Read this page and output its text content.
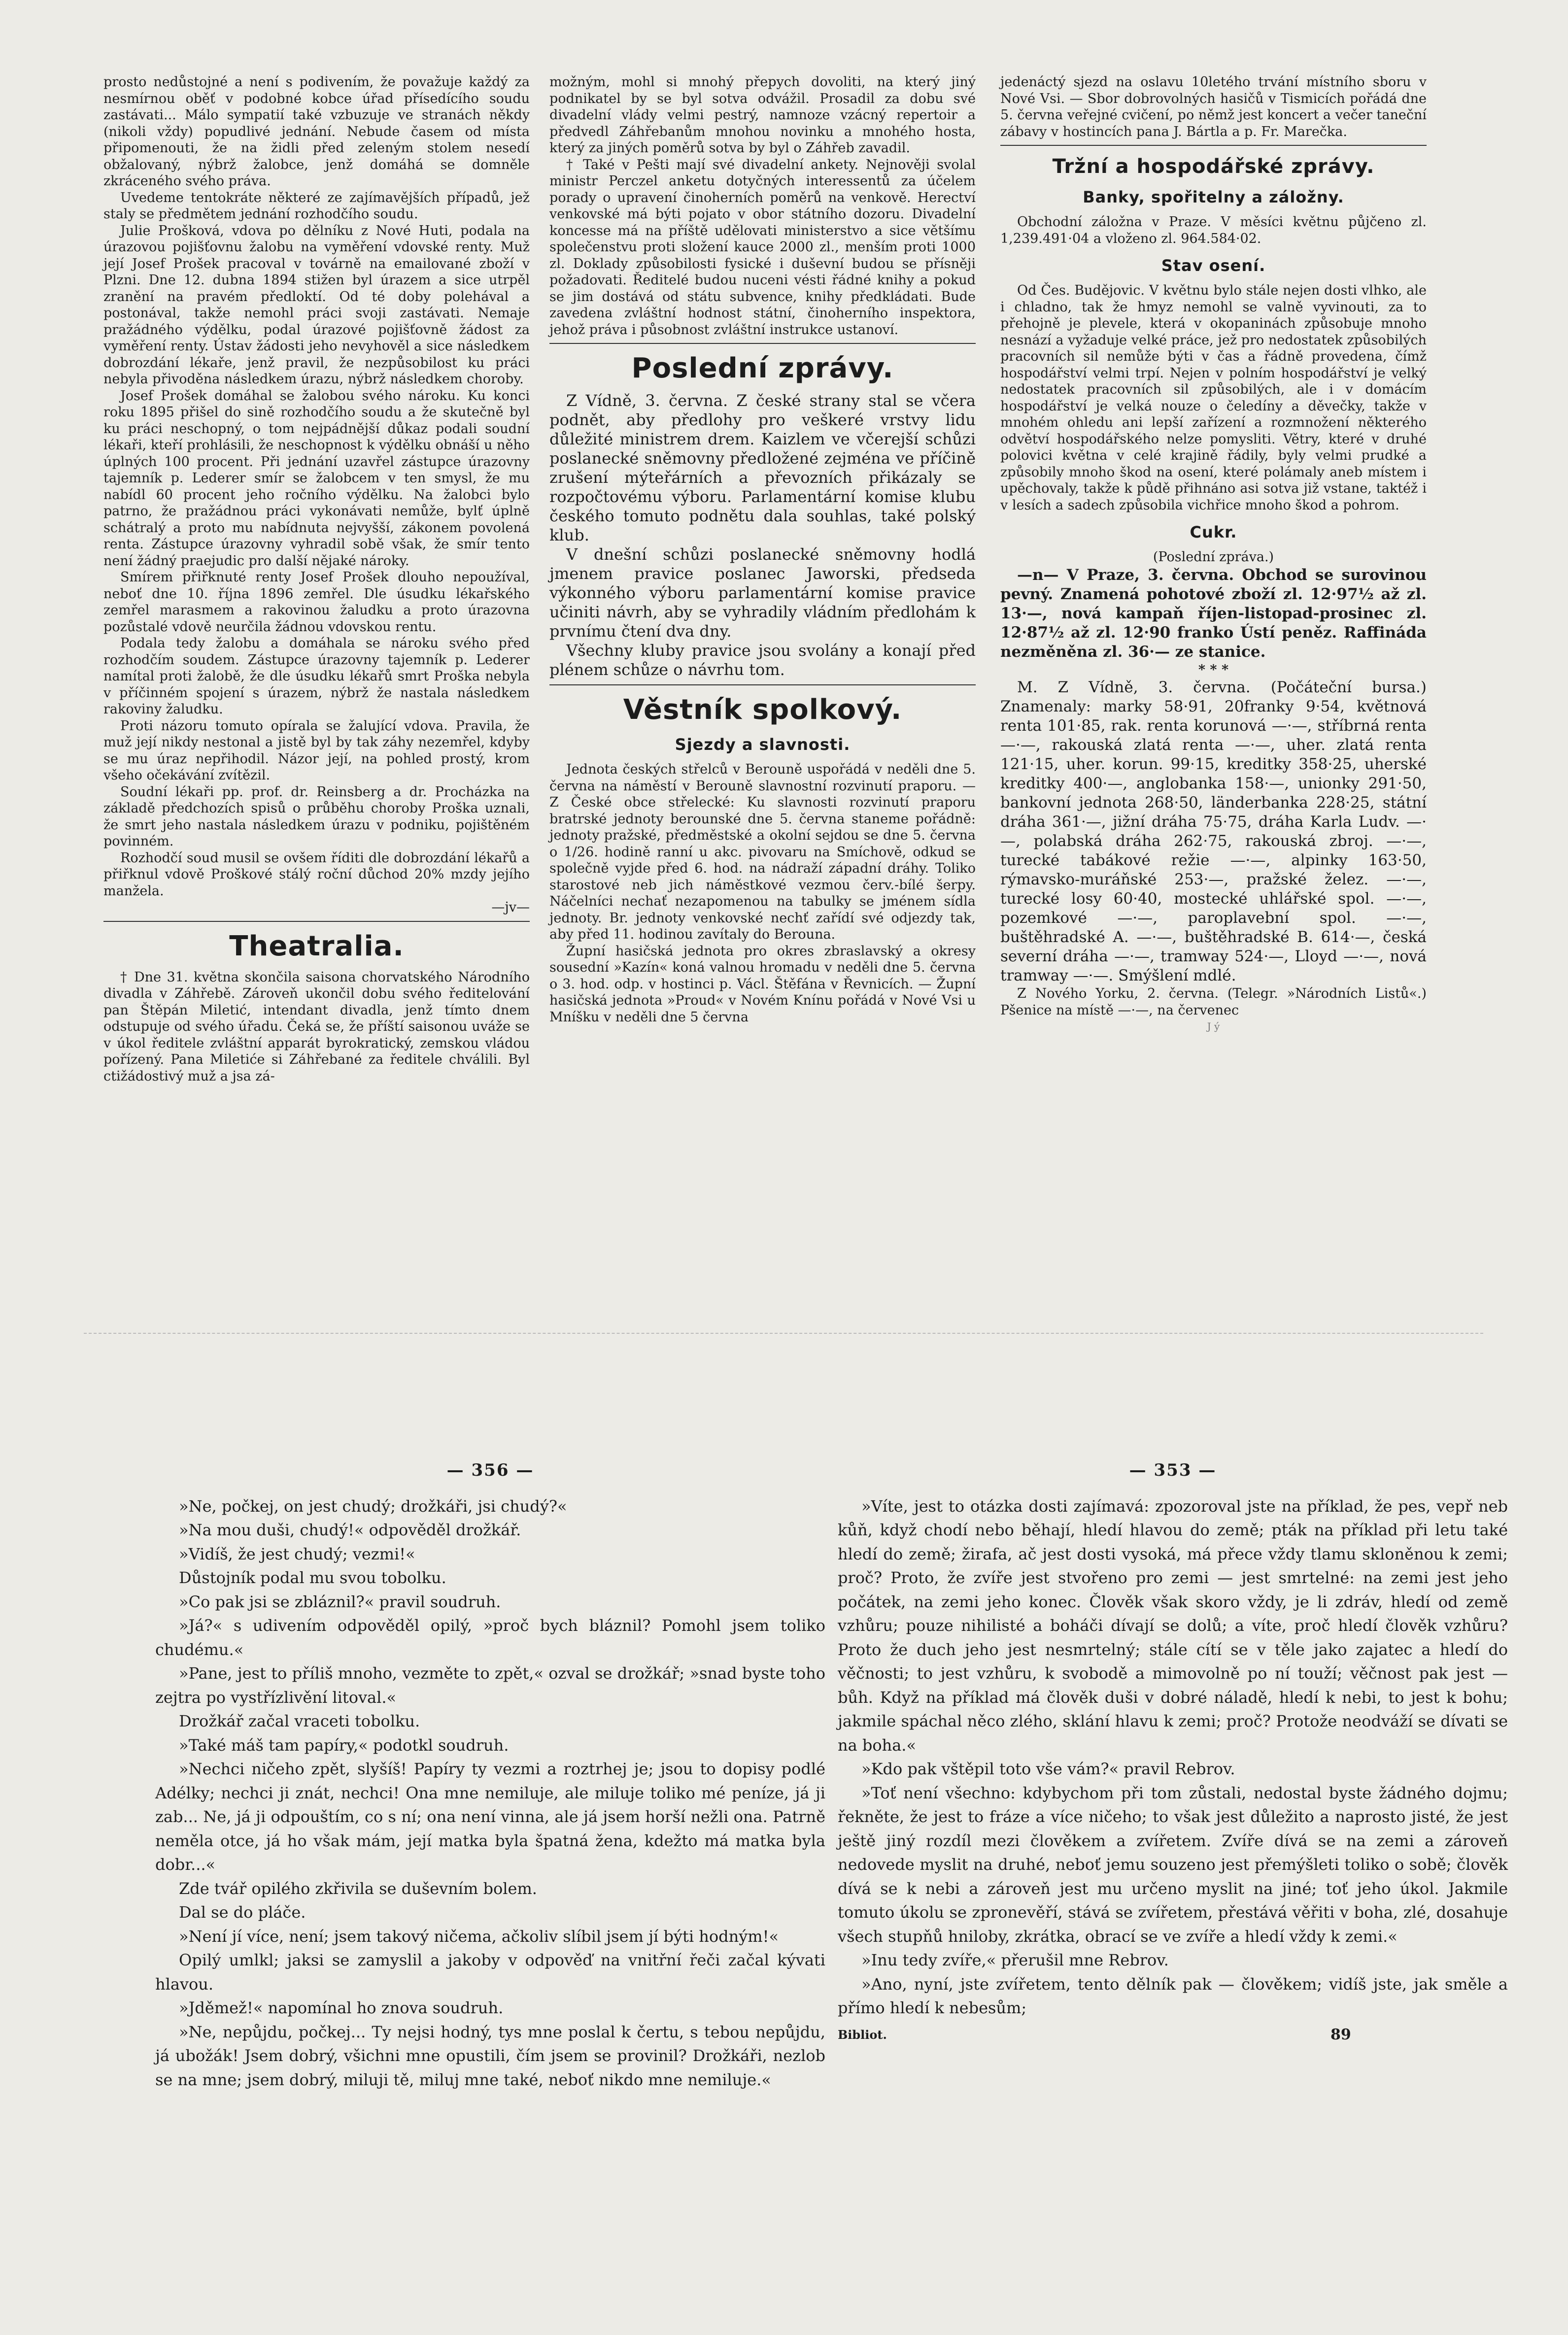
prosto nedůstojné a není s podivením, že považuje každý za nesmírnou oběť v podobné kobce úřad přísedícího soudu zastávati... Málo sympatií také vzbuzuje ve stranách někdy (nikoli vždy) popudlivé jednání. Nebude časem od místa připomenouti, že na židli před zeleným stolem nesedí obžalovaný, nýbrž žalobce, jenž domáhá se domněle zkráceného svého práva.

Uvedeme tentokráte některé ze zajímavějších případů, jež staly se předmětem jednání rozhodčího soudu.

Julie Prošková, vdova po dělníku z Nové Huti, podala na úrazovou pojišťovnu žalobu na vyměření vdovské renty. Muž její Josef Prošek pracoval v továrně na emailované zboží v Plzni. Dne 12. dubna 1894 stižen byl úrazem a sice utrpěl zranění na pravém předloktí. Od té doby polehával a postonával, takže nemohl práci svoji zastávati. Nemaje pražádného výdělku, podal úrazové pojišťovně žádost za vyměření renty. Ústav žádosti jeho nevyhověl a sice následkem dobrozdání lékaře, jenž pravil, že nezpůsobilost ku práci nebyla přivoděna následkem úrazu, nýbrž následkem choroby.

Josef Prošek domáhal se žalobou svého nároku. Ku konci roku 1895 přišel do sině rozhodčího soudu a že skutečně byl ku práci neschopný, o tom nejpádnější důkaz podali soudní lékaři, kteří prohlásili, že neschopnost k výdělku obnáší u něho úplných 100 procent. Při jednání uzavřel zástupce úrazovny tajemník p. Lederer smír se žalobcem v ten smysl, že mu nabídl 60 procent jeho ročního výdělku. Na žalobci bylo patrno, že pražádnou práci vykonávati nemůže, bylť úplně schátralý a proto mu nabídnuta nejvyšší, zákonem povolená renta. Zástupce úrazovny vyhradil sobě však, že smír tento není žádný praejudic pro další nějaké nároky.

Smírem přiřknuté renty Josef Prošek dlouho nepoužíval, neboť dne 10. října 1896 zemřel. Dle úsudku lékařského zemřel marasmem a rakovinou žaludku a proto úrazovna pozůstalé vdově neurčila žádnou vdovskou rentu.

Podala tedy žalobu a domáhala se nároku svého před rozhodčím soudem. Zástupce úrazovny tajemník p. Lederer namítal proti žalobě, že dle úsudku lékařů smrt Proška nebyla v příčinném spojení s úrazem, nýbrž že nastala následkem rakoviny žaludku.

Proti názoru tomuto opírala se žalující vdova. Pravila, že muž její nikdy nestonal a jistě byl by tak záhy nezemřel, kdyby se mu úraz nepřihodil. Názor její, na pohled prostý, krom všeho očekávání zvítězil.

Soudní lékaři pp. prof. dr. Reinsberg a dr. Procházka na základě předchozích spisů o průběhu choroby Proška uznali, že smrt jeho nastala následkem úrazu v podniku, pojištěném povinném.

Rozhodčí soud musil se ovšem říditi dle dobrozdání lékařů a přiřknul vdově Proškové stálý roční důchod 20% mzdy jejího manžela.

—jv—

Theatralia.

† Dne 31. května skončila saisona chorvatského Národního divadla v Záhřebě. Zároveň ukončil dobu svého ředitelování pan Štěpán Miletić, intendant divadla, jenž tímto dnem odstupuje od svého úřadu. Čeká se, že příští saisonou uváže se v úkol ředitele zvláštní apparát byrokratický, zemskou vládou pořízený. Pana Miletiće si Záhřebané za ředitele chválili. Byl ctižádostivý muž a jsa zá-

možným, mohl si mnohý přepych dovoliti, na který jiný podnikatel by se byl sotva odvážil. Prosadil za dobu své divadelní vlády velmi pestrý, namnoze vzácný repertoir a předvedl Záhřebanům mnohou novinku a mnohého hosta, který za jiných poměrů sotva by byl o Záhřeb zavadil.

† Také v Pešti mají své divadelní ankety. Nejnověji svolal ministr Perczel anketu dotyčných interessentů za účelem porady o upravení činoherních poměrů na venkově. Herectví venkovské má býti pojato v obor státního dozoru. Divadelní koncesse má na příště udělovati ministerstvo a sice většímu společenstvu proti složení kauce 2000 zl., menším proti 1000 zl. Doklady způsobilosti fysické i duševní budou se přísněji požadovati. Ředitelé budou nuceni vésti řádné knihy a pokud se jim dostává od státu subvence, knihy předkládati. Bude zavedena zvláštní hodnost státní, činoherního inspektora, jehož práva i působnost zvláštní instrukce ustanoví.

Poslední zprávy.

Z Vídně, 3. června. Z české strany stal se včera podnět, aby předlohy pro veškeré vrstvy lidu důležité ministrem drem. Kaizlem ve včerejší schůzi poslanecké sněmovny předložené zejména ve příčině zrušení mýteřárních a převozních přikázaly se rozpočtovému výboru. Parlamentární komise klubu českého tomuto podnětu dala souhlas, také polský klub.

V dnešní schůzi poslanecké sněmovny hodlá jmenem pravice poslanec Jaworski, předseda výkonného výboru parlamentární komise pravice učiniti návrh, aby se vyhradily vládním předlohám k prvnímu čtení dva dny.

Všechny kluby pravice jsou svolány a konají před plénem schůze o návrhu tom.

Věstník spolkový.
Sjezdy a slavnosti.

Jednota českých střelců v Berouně uspořádá v neděli dne 5. června na náměstí v Berouně slavnostní rozvinutí praporu. — Z České obce střelecké: Ku slavnosti rozvinutí praporu bratrské jednoty berounské dne 5. června staneme pořádně: jednoty pražské, předměstské a okolní sejdou se dne 5. června o 1/26. hodině ranní u akc. pivovaru na Smíchově, odkud se společně vyjde před 6. hod. na nádraží západní dráhy. Toliko starostové neb jich náměstkové vezmou červ.-bílé šerpy. Náčelníci nechať nezapomenou na tabulky se jménem sídla jednoty. Br. jednoty venkovské nechť zařídí své odjezdy tak, aby před 11. hodinou zavítaly do Berouna.

Župní hasičská jednota pro okres zbraslavský a okresy sousední »Kazín« koná valnou hromadu v neděli dne 5. června o 3. hod. odp. v hostinci p. Václ. Štěfána v Řevnicích. — Župní hasičská jednota »Proud« v Novém Knínu pořádá v Nové Vsi u Mníšku v neděli dne 5 června

jedenáctý sjezd na oslavu 10letého trvání místního sboru v Nové Vsi. — Sbor dobrovolných hasičů v Tismicích pořádá dne 5. června veřejné cvičení, po němž jest koncert a večer taneční zábavy v hostincích pana J. Bártla a p. Fr. Marečka.

Tržní a hospodářské zprávy.
Banky, spořitelny a záložny.

Obchodní záložna v Praze. V měsíci květnu půjčeno zl. 1,239.491·04 a vloženo zl. 964.584·02.

Stav osení.

Od Čes. Budějovic. V květnu bylo stále nejen dosti vlhko, ale i chladno, tak že hmyz nemohl se valně vyvinouti, za to přehojně je plevele, která v okopaninách způsobuje mnoho nesnází a vyžaduje velké práce, jež pro nedostatek způsobilých pracovních sil nemůže býti v čas a řádně provedena, čímž hospodářství velmi trpí. Nejen v polním hospodářství je velký nedostatek pracovních sil způsobilých, ale i v domácím hospodářství je velká nouze o čeledíny a děvečky, takže v mnohém ohledu ani lepší zařízení a rozmnožení některého odvětví hospodářského nelze pomysliti. Větry, které v druhé polovici května v celé krajině řádily, byly velmi prudké a způsobily mnoho škod na osení, které polámaly aneb místem i upěchovaly, takže k půdě přihnáno asi sotva již vstane, taktéž i v lesích a sadech způsobila vichřice mnoho škod a pohrom.

Cukr.
(Poslední zpráva.)

—n— V Praze, 3. června. Obchod se surovinou pevný. Znamená pohotové zboží zl. 12·97½ až zl. 13·—, nová kampaň říjen-listopad-prosinec zl. 12·87½ až zl. 12·90 franko Ústí peněz. Raffináda nezměněna zl. 36·— ze stanice.

* * *

M. Z Vídně, 3. června. (Počáteční bursa.) Znamenaly: marky 58·91, 20franky 9·54, květnová renta 101·85, rak. renta korunová —·—, stříbrná renta —·—, rakouská zlatá renta —·—, uher. zlatá renta 121·15, uher. korun. 99·15, kreditky 358·25, uherské kreditky 400·—, anglobanka 158·—, unionky 291·50, bankovní jednota 268·50, länderbanka 228·25, státní dráha 361·—, jižní dráha 75·75, dráha Karla Ludv. —·—, polabská dráha 262·75, rakouská zbroj. —·—, turecké tabákové režie —·—, alpinky 163·50, rýmavsko-muráňské 253·—, pražské želez. —·—, turecké losy 60·40, mostecké uhlářské spol. —·—, pozemkové —·—, paroplavební spol. —·—, buštěhradské A. —·—, buštěhradské B. 614·—, česká severní dráha —·—, tramway 524·—, Lloyd —·—, nová tramway —·—. Smýšlení mdlé.

Z Nového Yorku, 2. června. (Telegr. »Národních Listů«.) Pšenice na místě —·—, na červenec

J ý
— 356 —

»Ne, počkej, on jest chudý; drožkáři, jsi chudý?«

»Na mou duši, chudý!« odpověděl drožkář.

»Vidíš, že jest chudý; vezmi!«

Důstojník podal mu svou tobolku.

»Co pak jsi se zbláznil?« pravil soudruh.

»Já?« s udivením odpověděl opilý, »proč bych bláznil? Pomohl jsem toliko chudému.«

»Pane, jest to příliš mnoho, vezměte to zpět,« ozval se drožkář; »snad byste toho zejtra po vystřízlivění litoval.«

Drožkář začal vraceti tobolku.

»Také máš tam papíry,« podotkl soudruh.

»Nechci ničeho zpět, slyšíš! Papíry ty vezmi a roztrhej je; jsou to dopisy podlé Adélky; nechci ji znát, nechci! Ona mne nemiluje, ale miluje toliko mé peníze, já ji zab... Ne, já ji odpouštím, co s ní; ona není vinna, ale já jsem horší nežli ona. Patrně neměla otce, já ho však mám, její matka byla špatná žena, kdežto má matka byla dobr...«

Zde tvář opilého zkřivila se duševním bolem.

Dal se do pláče.

»Není jí více, není; jsem takový ničema, ačkoliv slíbil jsem jí býti hodným!«

Opilý umlkl; jaksi se zamyslil a jakoby v odpověď na vnitřní řeči začal kývati hlavou.

»Jděmež!« napomínal ho znova soudruh.

»Ne, nepůjdu, počkej... Ty nejsi hodný, tys mne poslal k čertu, s tebou nepůjdu, já ubožák! Jsem dobrý, všichni mne opustili, čím jsem se provinil? Drožkáři, nezlob se na mne; jsem dobrý, miluji tě, miluj mne také, neboť nikdo mne nemiluje.«

— 353 —

»Víte, jest to otázka dosti zajímavá: zpozoroval jste na příklad, že pes, vepř neb kůň, když chodí nebo běhají, hledí hlavou do země; pták na příklad při letu také hledí do země; žirafa, ač jest dosti vysoká, má přece vždy tlamu skloněnou k zemi; proč? Proto, že zvíře jest stvořeno pro zemi — jest smrtelné: na zemi jest jeho počátek, na zemi jeho konec. Člověk však skoro vždy, je li zdráv, hledí od země vzhůru; pouze nihilisté a boháči dívají se dolů; a víte, proč hledí člověk vzhůru? Proto že duch jeho jest nesmrtelný; stále cítí se v těle jako zajatec a hledí do věčnosti; to jest vzhůru, k svobodě a mimovolně po ní touží; věčnost pak jest — bůh. Když na příklad má člověk duši v dobré náladě, hledí k nebi, to jest k bohu; jakmile spáchal něco zlého, sklání hlavu k zemi; proč? Protože neodváží se dívati se na boha.«

»Kdo pak vštěpil toto vše vám?« pravil Rebrov.

»Toť není všechno: kdybychom při tom zůstali, nedostal byste žádného dojmu; řekněte, že jest to fráze a více ničeho; to však jest důležito a naprosto jisté, že jest ještě jiný rozdíl mezi člověkem a zvířetem. Zvíře dívá se na zemi a zároveň nedovede myslit na druhé, neboť jemu souzeno jest přemýšleti toliko o sobě; člověk dívá se k nebi a zároveň jest mu určeno myslit na jiné; toť jeho úkol. Jakmile tomuto úkolu se zpronevěří, stává se zvířetem, přestává věřiti v boha, zlé, dosahuje všech stupňů hniloby, zkrátka, obrací se ve zvíře a hledí vždy k zemi.«

»Inu tedy zvíře,« přerušil mne Rebrov.

»Ano, nyní, jste zvířetem, tento dělník pak — člověkem; vidíš jste, jak směle a přímo hledí k nebesům;

Bibliot.	89
